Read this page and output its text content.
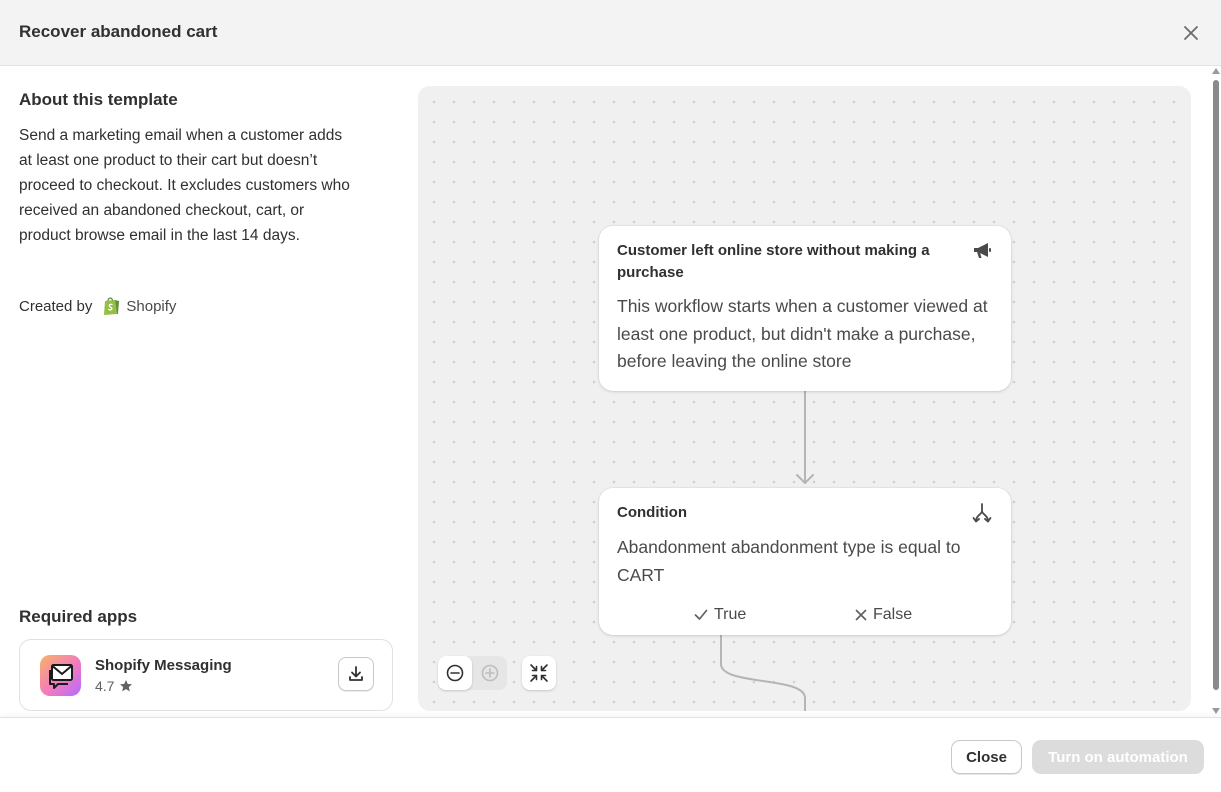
Recover abandoned cart
About this template
Send a marketing email when a customer adds at least one product to their cart but doesn’t proceed to checkout. It excludes customers who received an abandoned checkout, cart, or product browse email in the last 14 days.
Created by Shopify
Required apps
Shopify Messaging
4.7
Customer left online store without making a purchase
This workflow starts when a customer viewed at least one product, but didn't make a purchase, before leaving the online store
Condition
Abandonment abandonment type is equal to CART
True	False
Close	Turn on automation
